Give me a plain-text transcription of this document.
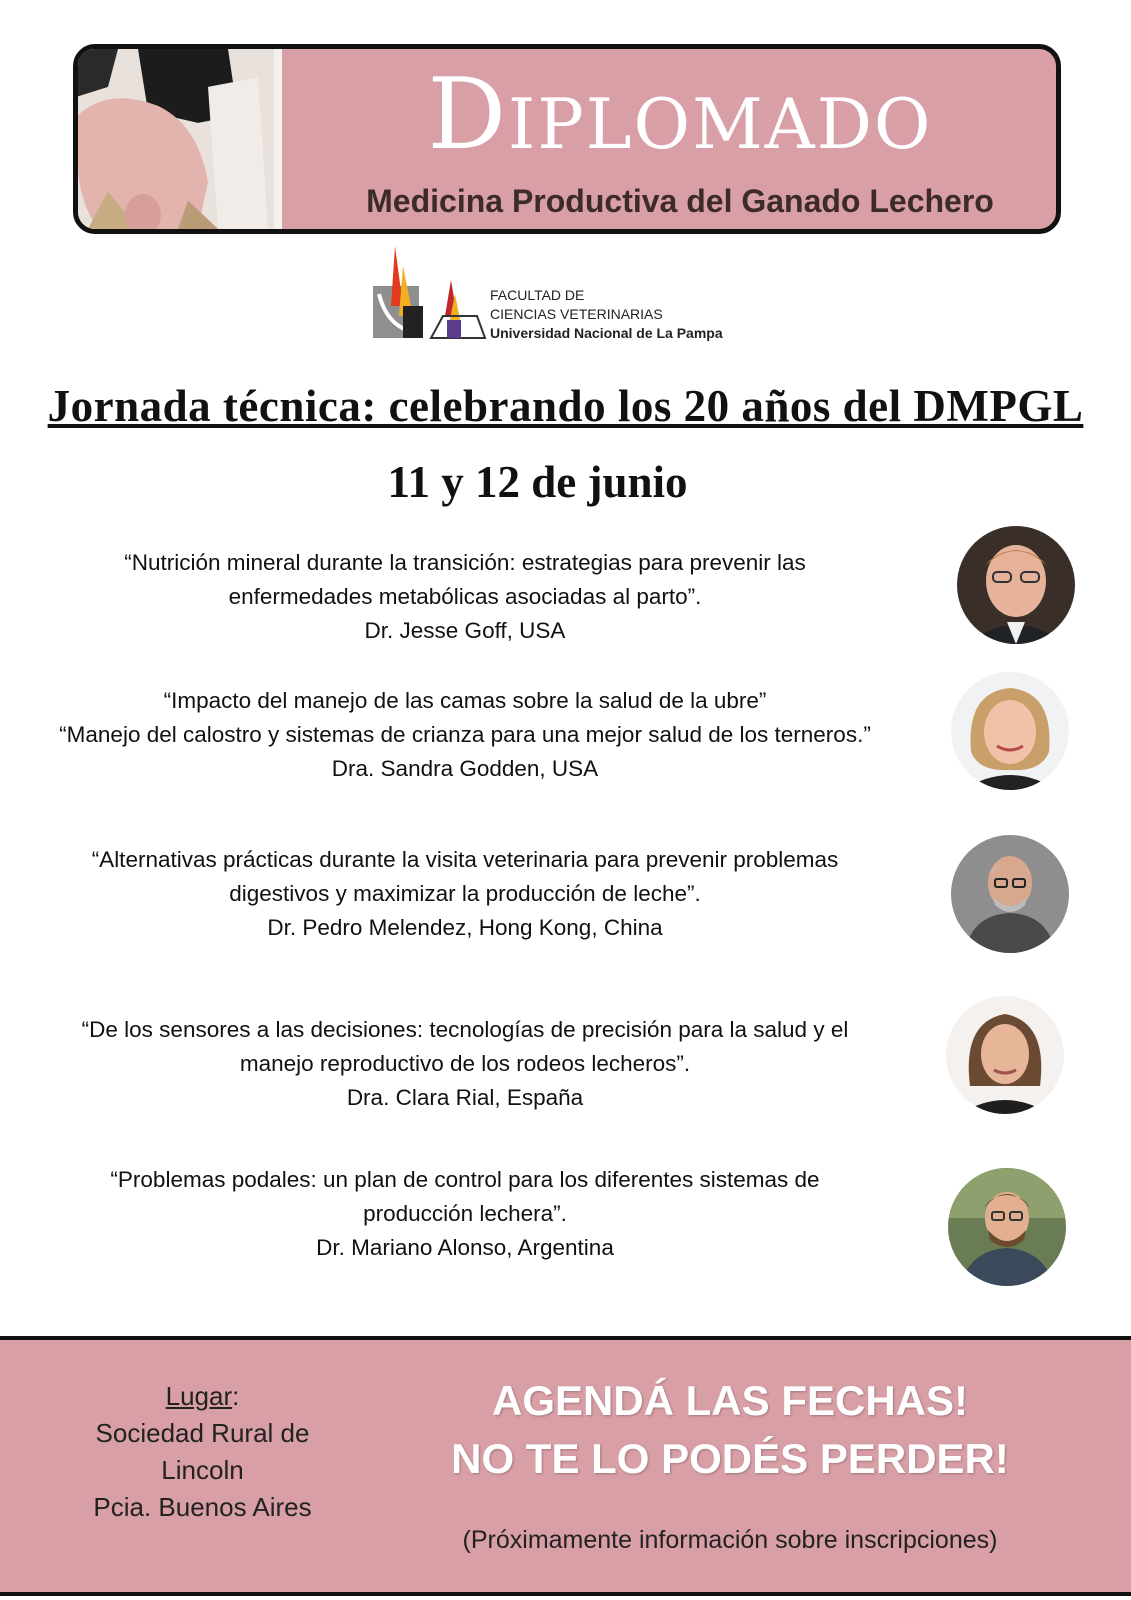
Diplomado
Medicina Productiva del Ganado Lechero
FACULTAD DE
CIENCIAS VETERINARIAS
Universidad Nacional de La Pampa
Jornada técnica: celebrando los 20 años del DMPGL
11 y 12 de junio
“Nutrición mineral durante la transición: estrategias para prevenir las
enfermedades metabólicas asociadas al parto”.
Dr. Jesse Goff, USA
“Impacto del manejo de las camas sobre la salud de la ubre”
“Manejo del calostro y sistemas de crianza para una mejor salud de los terneros.”
Dra. Sandra Godden, USA
“Alternativas prácticas durante la visita veterinaria para prevenir problemas
digestivos y maximizar la producción de leche”.
Dr. Pedro Melendez, Hong Kong, China
“De los sensores a las decisiones: tecnologías de precisión para la salud y el
manejo reproductivo de los rodeos lecheros”.
Dra. Clara Rial, España
“Problemas podales: un plan de control para los diferentes sistemas de
producción lechera”.
Dr. Mariano Alonso, Argentina
Lugar:
Sociedad Rural de
Lincoln
Pcia. Buenos Aires
AGENDÁ LAS FECHAS!
NO TE LO PODÉS PERDER!
(Próximamente información sobre inscripciones)
